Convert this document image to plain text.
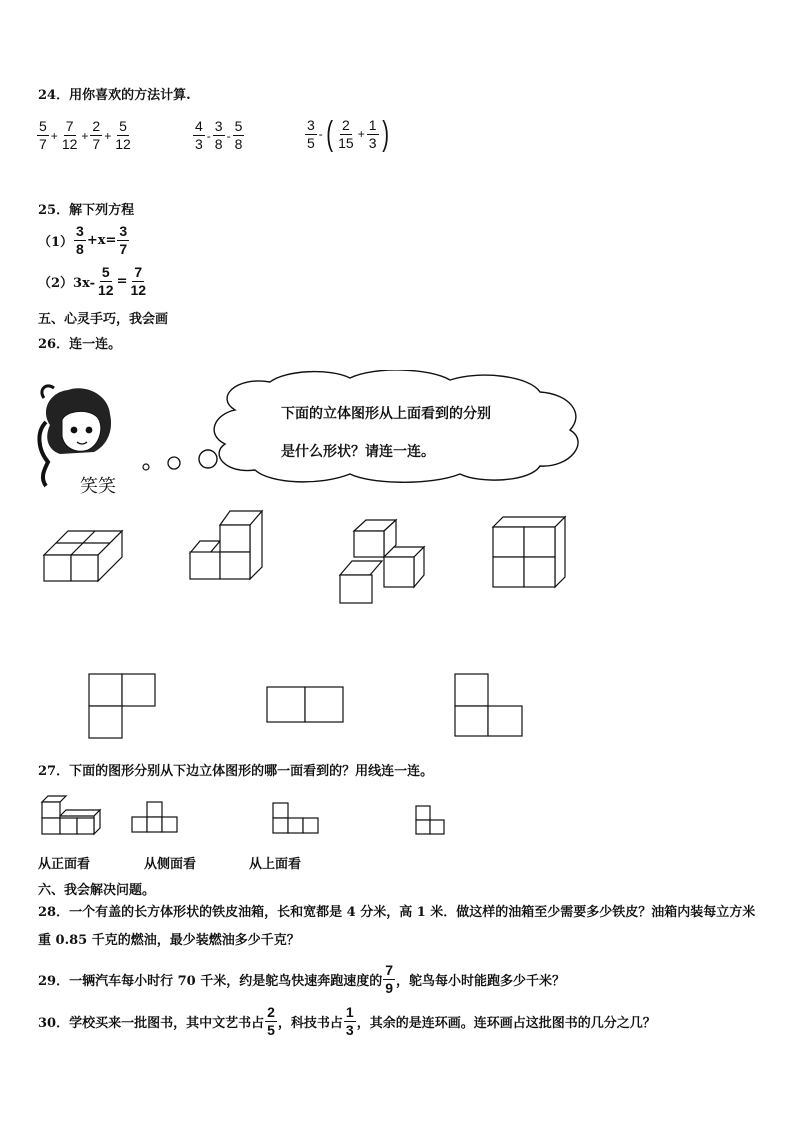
24．用你喜欢的方法计算.
$\frac{5}{7} + \frac{7}{12} + \frac{2}{7} + \frac{5}{12}$	$\frac{4}{3} - \frac{3}{8} - \frac{5}{8}$	$\frac{3}{5}$ - ( $\frac{2}{15} + \frac{1}{3}$ )
25．解下列方程
$(1) \frac{3}{8} +x= \frac{3}{7}$
$(2)3x- \frac{5}{12} = \frac{7}{12}$
五、心灵手巧，我会画
26．连一连。
笑笑
下面的立体图形从上面看到的分别
是什么形状？请连一连。
27．下面的图形分别从下边立体图形的哪一面看到的？用线连一连。
从正面看	从侧面看	从上面看
六、我会解决问题。
28．一个有盖的长方体形状的铁皮油箱，长和宽都是 4 分米，高 1 米．做这样的油箱至少需要多少铁皮？油箱内装每立方米重 0.85 千克的燃油，最少装燃油多少千克？
29．一辆汽车每小时行 70 千米，约是鸵鸟快速奔跑速度的 $\frac{7}{9}$ ，鸵鸟每小时能跑多少千米？
30．学校买来一批图书，其中文艺书占 $\frac{2}{5}$ ，科技书占 $\frac{1}{3}$ ，其余的是连环画。连环画占这批图书的几分之几？
